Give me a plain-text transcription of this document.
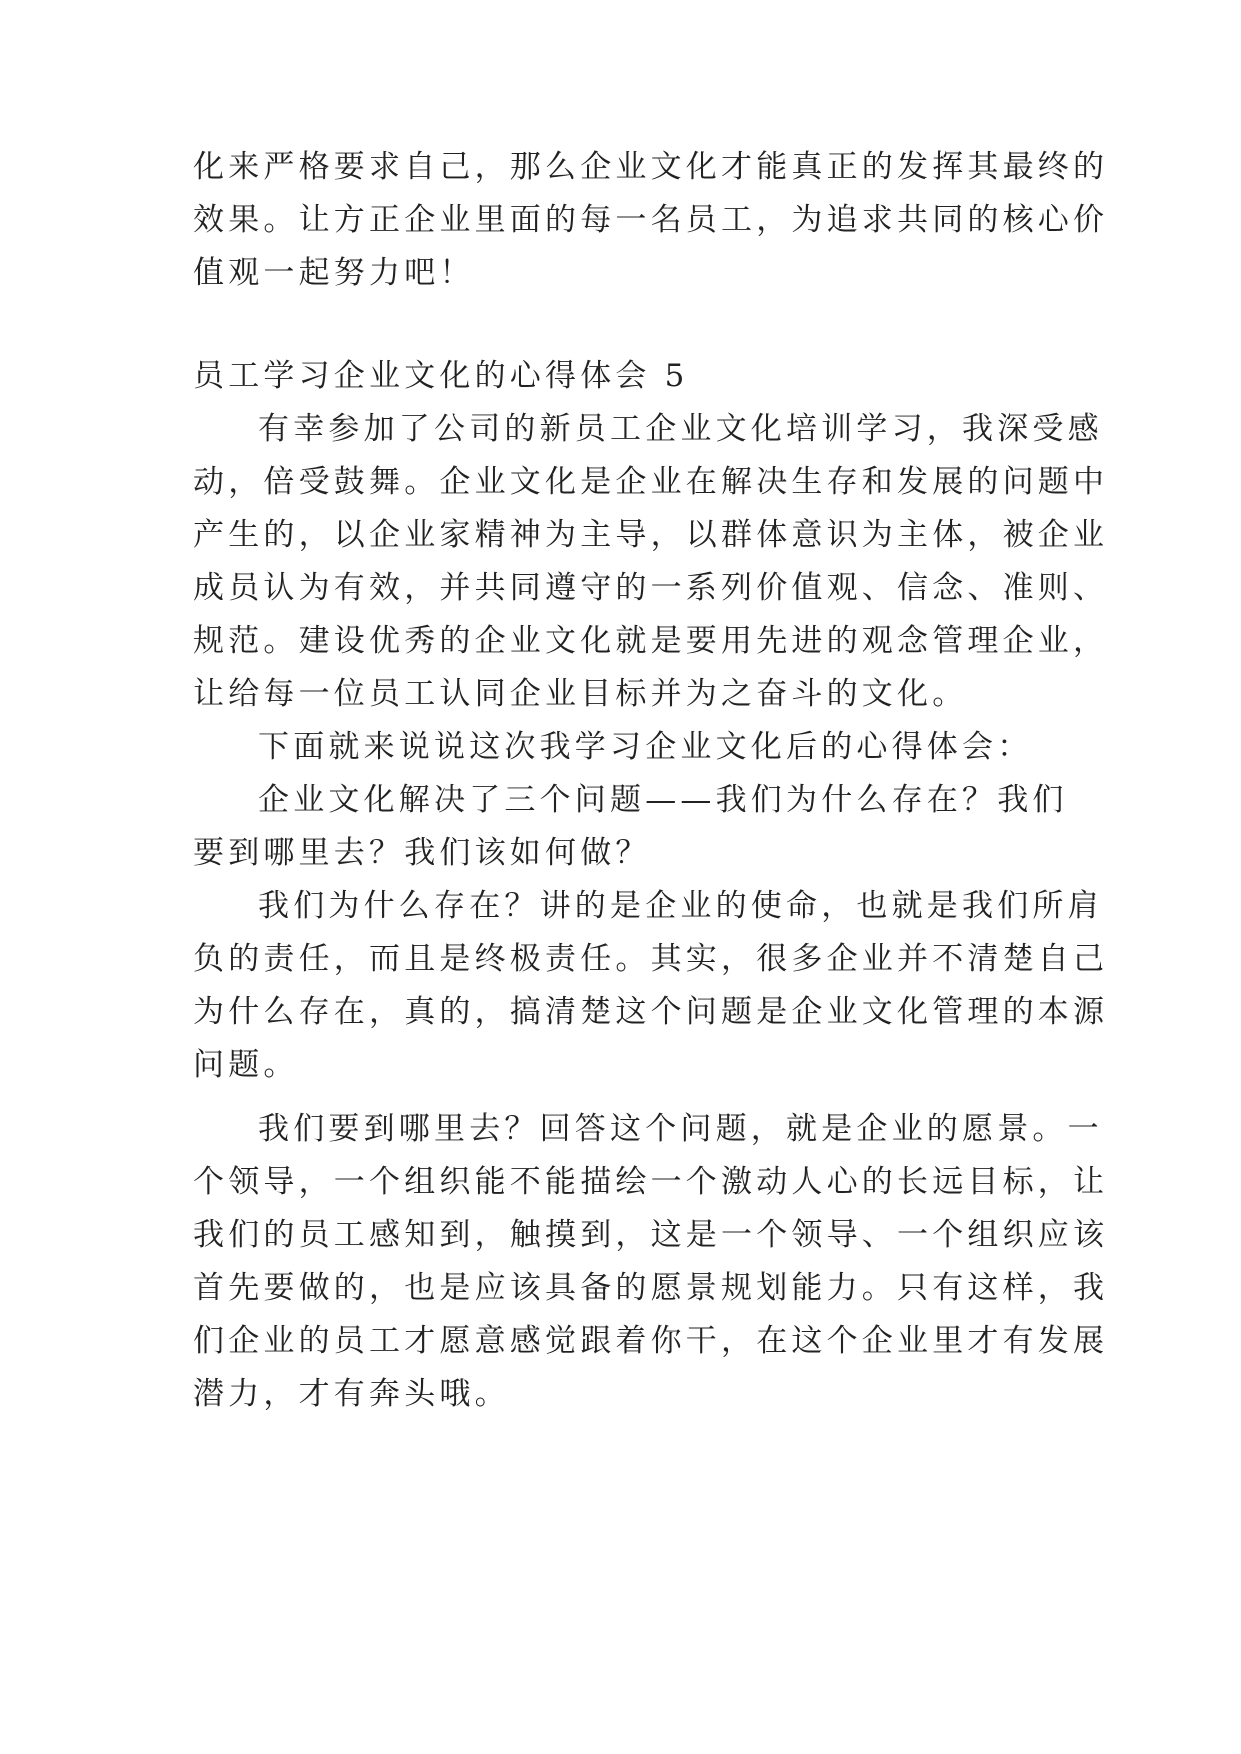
化来严格要求自己，那么企业文化才能真正的发挥其最终的
效果。让方正企业里面的每一名员工，为追求共同的核心价
值观一起努力吧！
员工学习企业文化的心得体会 5
有幸参加了公司的新员工企业文化培训学习，我深受感
动，倍受鼓舞。企业文化是企业在解决生存和发展的问题中
产生的，以企业家精神为主导，以群体意识为主体，被企业
成员认为有效，并共同遵守的一系列价值观、信念、准则、
规范。建设优秀的企业文化就是要用先进的观念管理企业，
让给每一位员工认同企业目标并为之奋斗的文化。
下面就来说说这次我学习企业文化后的心得体会：
企业文化解决了三个问题——我们为什么存在？我们
要到哪里去？我们该如何做？
我们为什么存在？讲的是企业的使命，也就是我们所肩
负的责任，而且是终极责任。其实，很多企业并不清楚自己
为什么存在，真的，搞清楚这个问题是企业文化管理的本源
问题。
我们要到哪里去？回答这个问题，就是企业的愿景。一
个领导，一个组织能不能描绘一个激动人心的长远目标，让
我们的员工感知到，触摸到，这是一个领导、一个组织应该
首先要做的，也是应该具备的愿景规划能力。只有这样，我
们企业的员工才愿意感觉跟着你干，在这个企业里才有发展
潜力，才有奔头哦。
